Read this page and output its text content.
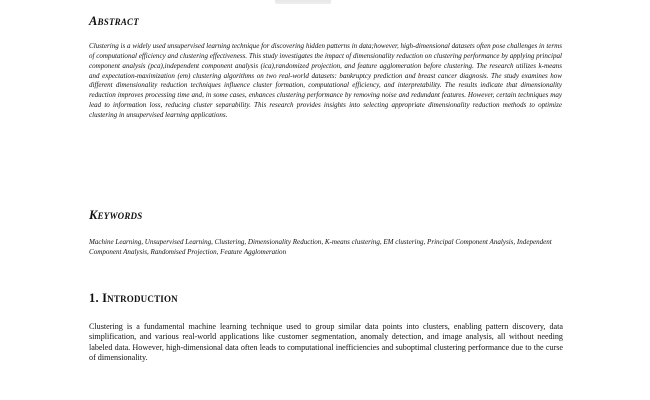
Abstract
Clustering is a widely used unsupervised learning technique for discovering hidden patterns in data;however, high-dimensional datasets often pose challenges in terms of computational efficiency and clustering effectiveness. This study investigates the impact of dimensionality reduction on clustering performance by applying principal component analysis (pca),independent component analysis (ica),randomized projection, and feature agglomeration before clustering. The research utilizes k-means and expectation-maximization (em) clustering algorithms on two real-world datasets: bankruptcy prediction and breast cancer diagnosis. The study examines how different dimensionality reduction techniques influence cluster formation, computational efficiency, and interpretability. The results indicate that dimensionality reduction improves processing time and, in some cases, enhances clustering performance by removing noise and redundant features. However, certain techniques may lead to information loss, reducing cluster separability. This research provides insights into selecting appropriate dimensionality reduction methods to optimize clustering in unsupervised learning applications.
Keywords
Machine Learning, Unsupervised Learning, Clustering, Dimensionality Reduction, K-means clustering, EM clustering, Principal Component Analysis, Independent Component Analysis, Randomised Projection, Feature Agglomeration
1. Introduction
Clustering is a fundamental machine learning technique used to group similar data points into clusters, enabling pattern discovery, data simplification, and various real-world applications like customer segmentation, anomaly detection, and image analysis, all without needing labeled data. However, high-dimensional data often leads to computational inefficiencies and suboptimal clustering performance due to the curse of dimensionality.
